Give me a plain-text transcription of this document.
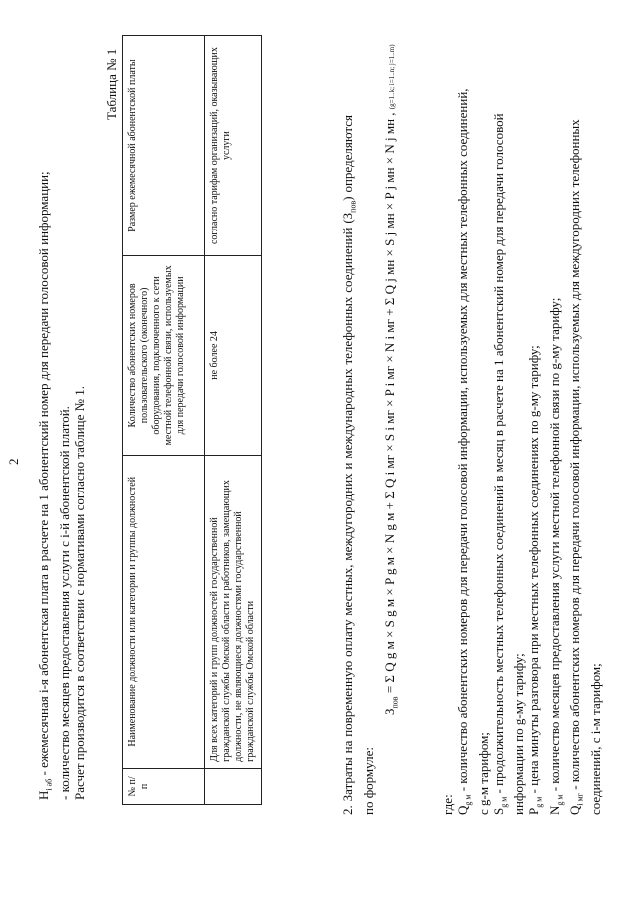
2
$H_{i аб}$ - ежемесячная i-я абонентская плата в расчете на 1 абонентский номер для передачи голосовой информации; - количество месяцев предоставления услуги с i-й абонентской платой. Расчет производится в соответствии с нормативами согласно таблице № 1.
Таблица № 1
№ п/п	Наименование должности или категории и группы должностей	Количество абонентских номеров пользовательского (оконечного) оборудования, подключенного к сети местной телефонной связи, используемых для передачи голосовой информации	Размер ежемесячной абонентской платы
	Для всех категорий и групп должностей государственной гражданской службы Омской области и работников, замещающих должности, не являющиеся должностями государственной гражданской службы Омской области	не более 24	согласно тарифам организаций, оказывающих услуги
2. Затраты на повременную оплату местных, междугородних и международных телефонных соединений $(З_{пов})$ определяются по формуле:
$З_{пов} = \Sigma$ Q g м × S g м × P g м × N g м + Σ Q i мг × S i мг × P i мг × N i мг + Σ Q j мн × S j мн × P j мн × N j мн , (g=1..k; i=1..n; j=1..m)
где: $Q_{g м}$ - количество абонентских номеров для передачи голосовой информации, используемых для местных телефонных соединений, с g-м тарифом; $S_{g м}$ - продолжительность местных телефонных соединений в месяц в расчете на 1 абонентский номер для передачи голосовой информации по g-му тарифу; $P_{g м}$ - цена минуты разговора при местных телефонных соединениях по g-му тарифу;
$N_{g м}$ - количество месяцев предоставления услуги местной телефонной связи по g-му тарифу;
$Q_{i мг}$ - количество абонентских номеров для передачи голосовой информации, используемых для междугородних телефонных соединений, с i-м тарифом;
